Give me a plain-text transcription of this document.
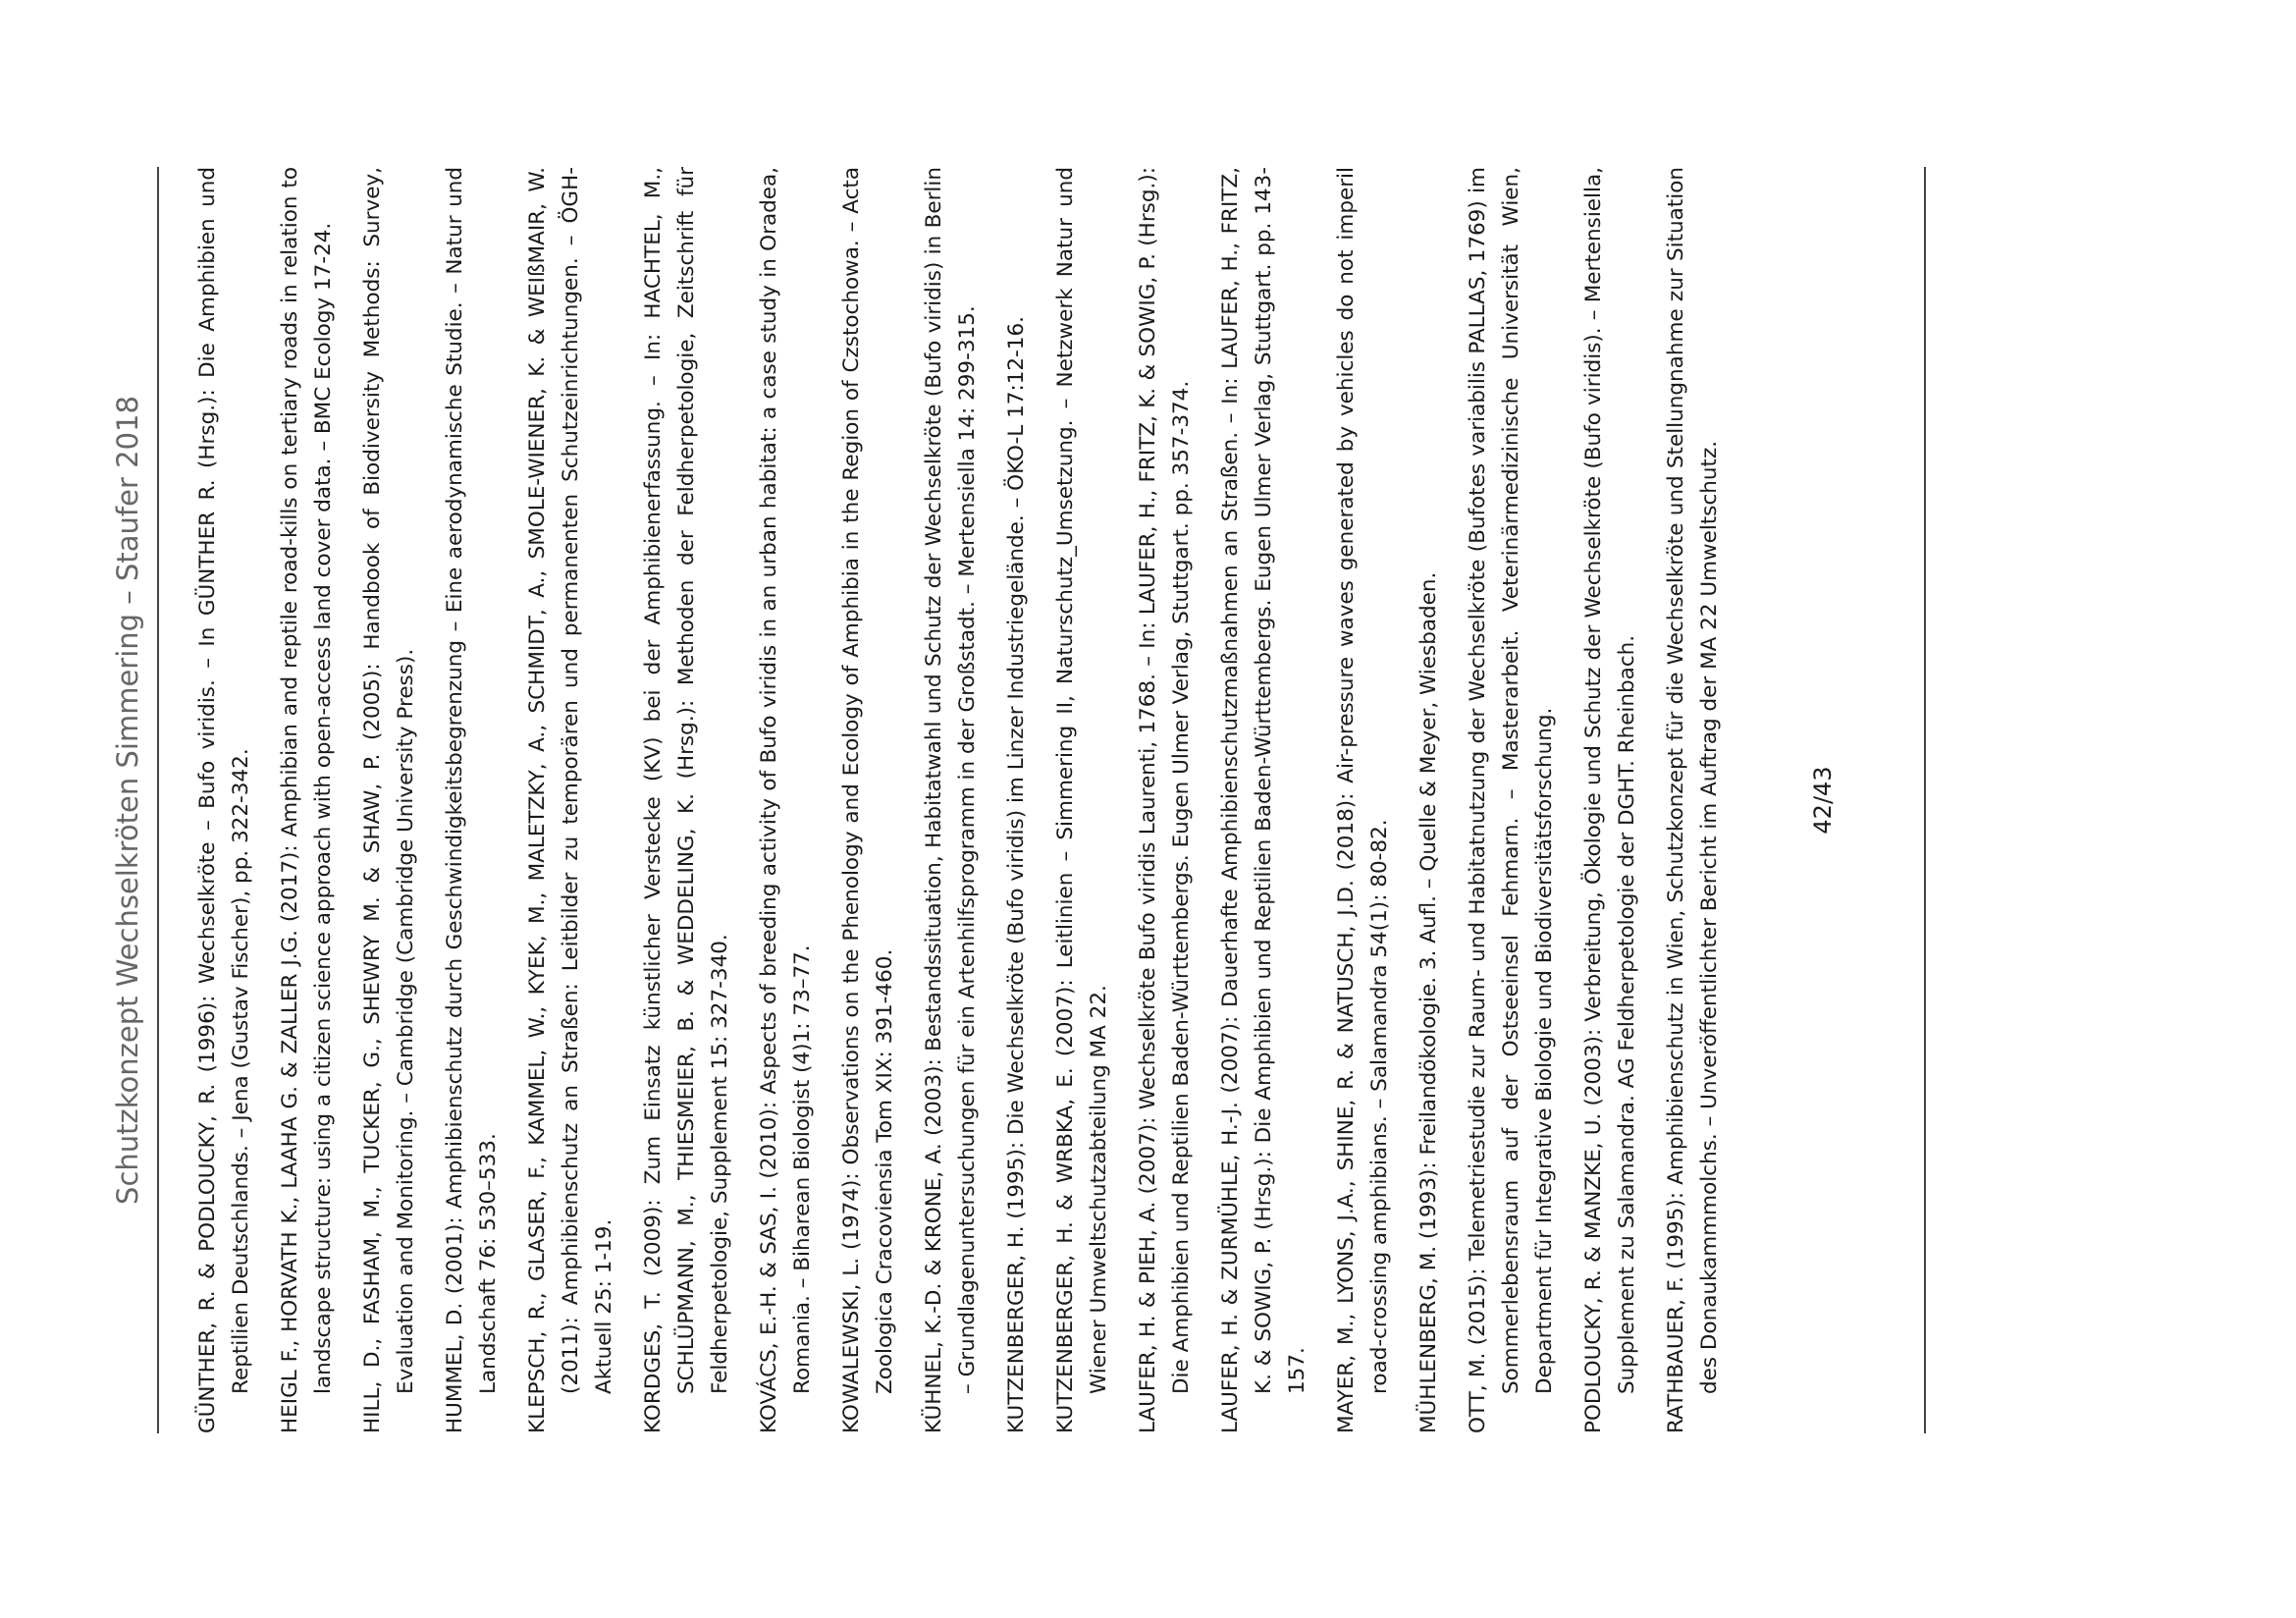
Schutzkonzept Wechselkröten Simmering – Staufer 2018	GÜNTHER, R. & PODLOUCKY, R. (1996): Wechselkröte – Bufo viridis. – In GÜNTHER R. (Hrsg.): Die Amphibien und Reptilien Deutschlands. – Jena (Gustav Fischer), pp. 322-342. HEIGL F., HORVATH K., LAAHA G. & ZALLER J.G. (2017): Amphibian and reptile road-kills on tertiary roads in relation to landscape structure: using a citizen science approach with open-access land cover data. – BMC Ecology 17-24. HILL, D., FASHAM, M., TUCKER, G., SHEWRY M. & SHAW, P. (2005): Handbook of Biodiversity Methods: Survey, Evaluation and Monitoring. – Cambridge (Cambridge University Press). HUMMEL, D. (2001): Amphibienschutz durch Geschwindigkeitsbegrenzung – Eine aerodynamische Studie. – Natur und Landschaft 76: 530–533. KLEPSCH, R., GLASER, F., KAMMEL, W., KYEK, M., MALETZKY, A., SCHMIDT, A., SMOLE-WIENER, K. & WEIßMAIR, W. (2011): Amphibienschutz an Straßen: Leitbilder zu temporären und permanenten Schutzeinrichtungen. – ÖGH-Aktuell 25: 1-19. KORDGES, T. (2009): Zum Einsatz künstlicher Verstecke (KV) bei der Amphibienerfassung. – In: HACHTEL, M., SCHLÜPMANN, M., THIESMEIER, B. & WEDDELING, K. (Hrsg.): Methoden der Feldherpetologie, Zeitschrift für Feldherpetologie, Supplement 15: 327-340. KOVÁCS, E.-H. & SAS, I. (2010): Aspects of breeding activity of Bufo viridis in an urban habitat: a case study in Oradea, Romania. – Biharean Biologist (4)1: 73–77. KOWALEWSKI, L. (1974): Observations on the Phenology and Ecology of Amphibia in the Region of Czstochowa. – Acta Zoologica Cracoviensia Tom XIX: 391-460. KÜHNEL, K.-D. & KRONE, A. (2003): Bestandssituation, Habitatwahl und Schutz der Wechselkröte (Bufo viridis) in Berlin – Grundlagenuntersuchungen für ein Artenhilfsprogramm in der Großstadt. – Mertensiella 14: 299-315. KUTZENBERGER, H. (1995): Die Wechselkröte (Bufo viridis) im Linzer Industriegelände. – ÖKO-L 17:12-16. KUTZENBERGER, H. & WRBKA, E. (2007): Leitlinien – Simmering II, Naturschutz_Umsetzung. – Netzwerk Natur und Wiener Umweltschutzabteilung MA 22. LAUFER, H. & PIEH, A. (2007): Wechselkröte Bufo viridis Laurenti, 1768. – In: LAUFER, H., FRITZ, K. & SOWIG, P. (Hrsg.): Die Amphibien und Reptilien Baden-Württembergs. Eugen Ulmer Verlag, Stuttgart. pp. 357-374. LAUFER, H. & ZURMÜHLE, H.-J. (2007): Dauerhafte Amphibienschutzmaßnahmen an Straßen. – In: LAUFER, H., FRITZ, K. & SOWIG, P. (Hrsg.): Die Amphibien und Reptilien Baden-Württembergs. Eugen Ulmer Verlag, Stuttgart. pp. 143-157. MAYER, M., LYONS, J.A., SHINE, R. & NATUSCH, J.D. (2018): Air-pressure waves generated by vehicles do not imperil road-crossing amphibians. – Salamandra 54(1): 80-82. MÜHLENBERG, M. (1993): Freilandökologie. 3. Aufl. – Quelle & Meyer, Wiesbaden. OTT, M. (2015): Telemetriestudie zur Raum- und Habitatnutzung der Wechselkröte (Bufotes variabilis PALLAS, 1769) im Sommerlebensraum auf der Ostseeinsel Fehmarn. – Masterarbeit. Veterinärmedizinische Universität Wien, Department für Integrative Biologie und Biodiversitätsforschung. PODLOUCKY, R. & MANZKE, U. (2003): Verbreitung, Ökologie und Schutz der Wechselkröte (Bufo viridis). – Mertensiella, Supplement zu Salamandra. AG Feldherpetologie der DGHT. Rheinbach. RATHBAUER, F. (1995): Amphibienschutz in Wien, Schutzkonzept für die Wechselkröte und Stellungnahme zur Situation des Donaukammmolchs. – Unveröffentlichter Bericht im Auftrag der MA 22 Umweltschutz.	42/43
